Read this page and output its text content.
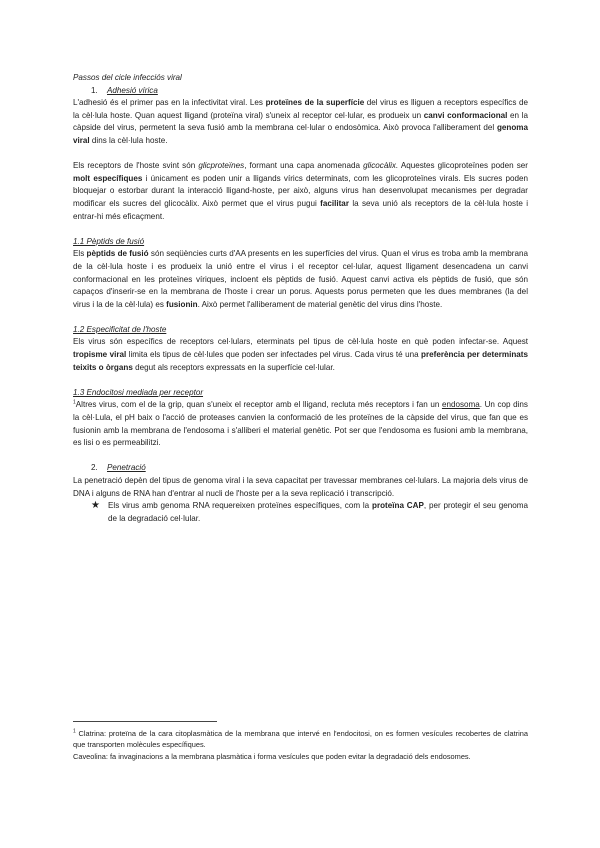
Passos del cicle infecciós viral

1. Adhesió vírica

L'adhesió és el primer pas en la infectivitat viral. Les proteïnes de la superfície del virus es lliguen a receptors específics de la cèl·lula hoste. Quan aquest lligand (proteïna viral) s'uneix al receptor cel·lular, es produeix un canvi conformacional en la càpside del virus, permetent la seva fusió amb la membrana cel·lular o endosòmica. Això provoca l'alliberament del genoma viral dins la cèl·lula hoste.

Els receptors de l'hoste svint són glicproteïnes, formant una capa anomenada glicocàlix. Aquestes glicoproteïnes poden ser molt específiques i únicament es poden unir a lligands vírics determinats, com les glicoproteïnes virals. Els sucres poden bloquejar o estorbar durant la interacció lligand-hoste, per això, alguns virus han desenvolupat mecanismes per degradar modificar els sucres del glicocàlix. Això permet que el virus pugui facilitar la seva unió als receptors de la cèl·lula hoste i entrar-hi més eficaçment.

1.1 Pèptids de fusió

Els pèptids de fusió són seqüències curts d'AA presents en les superfícies del virus. Quan el virus es troba amb la membrana de la cèl·lula hoste i es produeix la unió entre el virus i el receptor cel·lular, aquest lligament desencadena un canvi conformacional en les proteïnes víriques, incloent els pèptids de fusió. Aquest canvi activa els pèptids de fusió, que són capaços d'inserir-se en la membrana de l'hoste i crear un porus. Aquests porus permeten que les dues membranes (la del virus i la de la cèl·lula) es fusionin. Això permet l'alliberament de material genètic del virus dins l'hoste.

1.2 Especificitat de l'hoste

Els virus són específics de receptors cel·lulars, eterminats pel tipus de cèl·lula hoste en què poden infectar-se. Aquest tropisme viral limita els tipus de cèl·lules que poden ser infectades pel virus. Cada virus té una preferència per determinats teixits o òrgans degut als receptors expressats en la superfície cel·lular.

1.3 Endocitosi mediada per receptor

$^1$Altres virus, com el de la grip, quan s'uneix el receptor amb el lligand, recluta més receptors i fan un endosoma. Un cop dins la cèl·Lula, el pH baix o l'acció de proteases canvien la conformació de les proteïnes de la càpside del virus, que fan que es fusionin amb la membrana de l'endosoma i s'alliberi el material genètic. Pot ser que l'endosoma es fusioni amb la membrana, es lisi o es permeabilitzi.

2. Penetració

La penetració depèn del tipus de genoma viral i la seva capacitat per travessar membranes cel·lulars. La majoria dels virus de DNA i alguns de RNA han d'entrar al nucli de l'hoste per a la seva replicació i transcripció.

★ Els virus amb genoma RNA requereixen proteïnes específiques, com la proteïna CAP, per protegir el seu genoma de la degradació cel·lular.

$^1$ Clatrina: proteïna de la cara citoplasmàtica de la membrana que intervé en l'endocitosi, on es formen vesícules recobertes de clatrina que transporten molècules específiques.

Caveolina: fa invaginacions a la membrana plasmàtica i forma vesícules que poden evitar la degradació dels endosomes.
